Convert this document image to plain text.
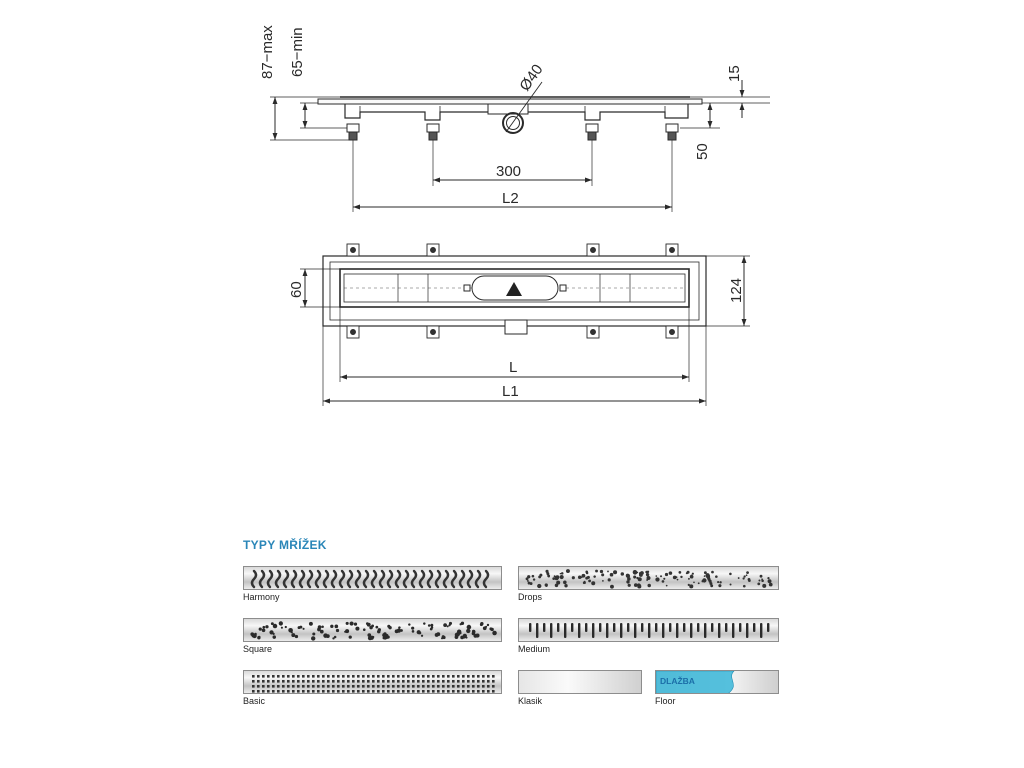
87−max 65−min
Ø40	15
50
300
L2
60	124
L
L1
TYPY MŘÍŽEK
Harmony	Drops
Square	Medium
Basic	Klasik
DLAŽBA
Floor
